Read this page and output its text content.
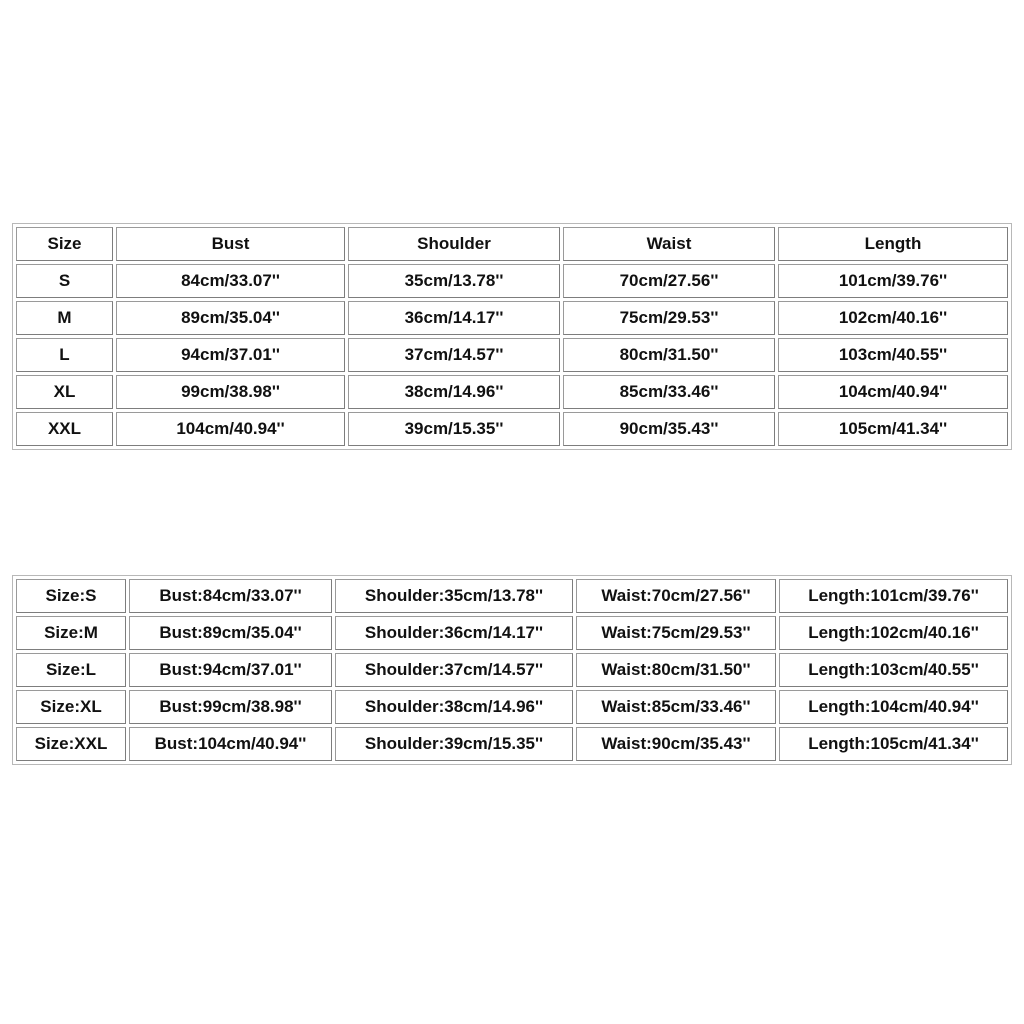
Size	Bust	Shoulder	Waist	Length
S	84cm/33.07''	35cm/13.78''	70cm/27.56''	101cm/39.76''
M	89cm/35.04''	36cm/14.17''	75cm/29.53''	102cm/40.16''
L	94cm/37.01''	37cm/14.57''	80cm/31.50''	103cm/40.55''
XL	99cm/38.98''	38cm/14.96''	85cm/33.46''	104cm/40.94''
XXL	104cm/40.94''	39cm/15.35''	90cm/35.43''	105cm/41.34''
Size:S	Bust:84cm/33.07''	Shoulder:35cm/13.78''	Waist:70cm/27.56''	Length:101cm/39.76''
Size:M	Bust:89cm/35.04''	Shoulder:36cm/14.17''	Waist:75cm/29.53''	Length:102cm/40.16''
Size:L	Bust:94cm/37.01''	Shoulder:37cm/14.57''	Waist:80cm/31.50''	Length:103cm/40.55''
Size:XL	Bust:99cm/38.98''	Shoulder:38cm/14.96''	Waist:85cm/33.46''	Length:104cm/40.94''
Size:XXL	Bust:104cm/40.94''	Shoulder:39cm/15.35''	Waist:90cm/35.43''	Length:105cm/41.34''
